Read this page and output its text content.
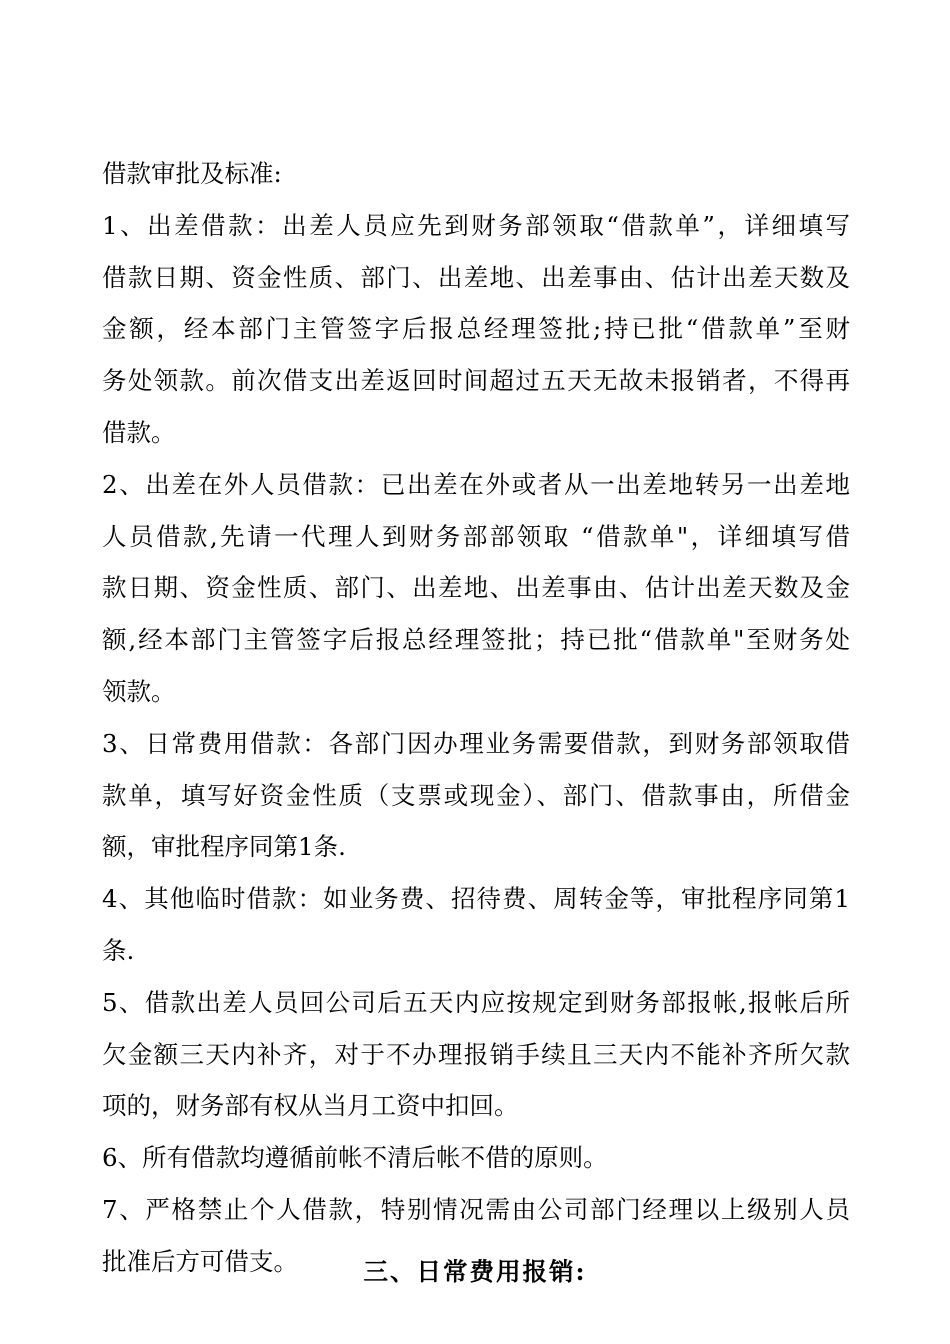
借款审批及标准:
1、出差借款：出差人员应先到财务部领取“借款单”，详细填写
借款日期、资金性质、部门、出差地、出差事由、估计出差天数及
金额，经本部门主管签字后报总经理签批;持已批“借款单”至财
务处领款。前次借支出差返回时间超过五天无故未报销者，不得再
借款。
2、出差在外人员借款：已出差在外或者从一出差地转另一出差地
人员借款,先请一代理人到财务部部领取 “借款单"，详细填写借
款日期、资金性质、部门、出差地、出差事由、估计出差天数及金
额,经本部门主管签字后报总经理签批；持已批“借款单"至财务处
领款。
3、日常费用借款：各部门因办理业务需要借款，到财务部领取借
款单，填写好资金性质（支票或现金）、部门、借款事由，所借金
额，审批程序同第1条.
4、其他临时借款：如业务费、招待费、周转金等，审批程序同第1
条.
5、借款出差人员回公司后五天内应按规定到财务部报帐,报帐后所
欠金额三天内补齐，对于不办理报销手续且三天内不能补齐所欠款
项的，财务部有权从当月工资中扣回。
6、所有借款均遵循前帐不清后帐不借的原则。
7、严格禁止个人借款，特别情况需由公司部门经理以上级别人员
批准后方可借支。	三、日常费用报销:
